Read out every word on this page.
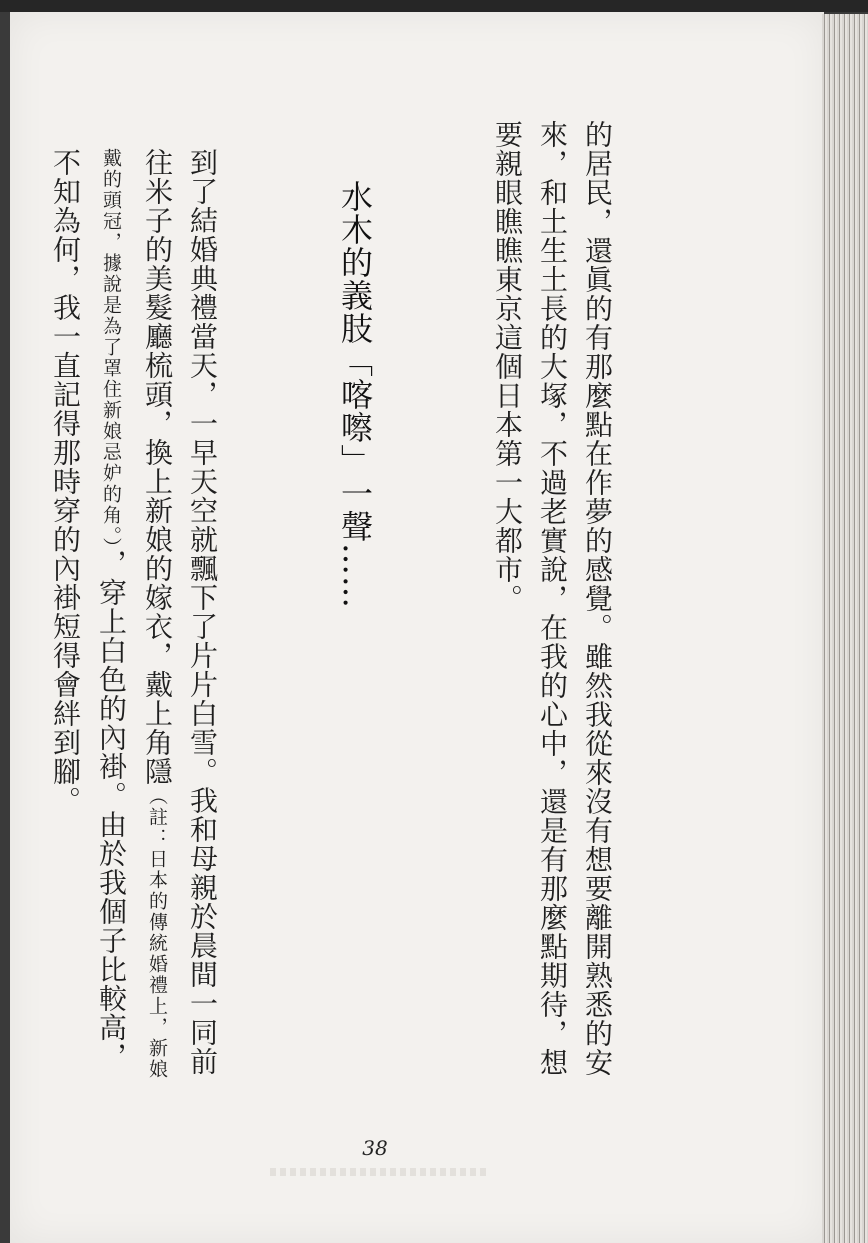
的居民，還眞的有那麼點在作夢的感覺。雖然我從來沒有想要離開熟悉的安來，和土生土長的大塚，不過老實說，在我的心中，還是有那麼點期待，想要親眼瞧瞧東京這個日本第一大都市。

水木的義肢「喀嚓」一聲……

到了結婚典禮當天，一早天空就飄下了片片白雪。我和母親於晨間一同前往米子的美髮廳梳頭，換上新娘的嫁衣，戴上角隱（註：日本的傳統婚禮上，新娘戴的頭冠，據說是為了罩住新娘忌妒的角。），穿上白色的內褂。由於我個子比較高，不知為何，我一直記得那時穿的內褂短得會絆到腳。

38
